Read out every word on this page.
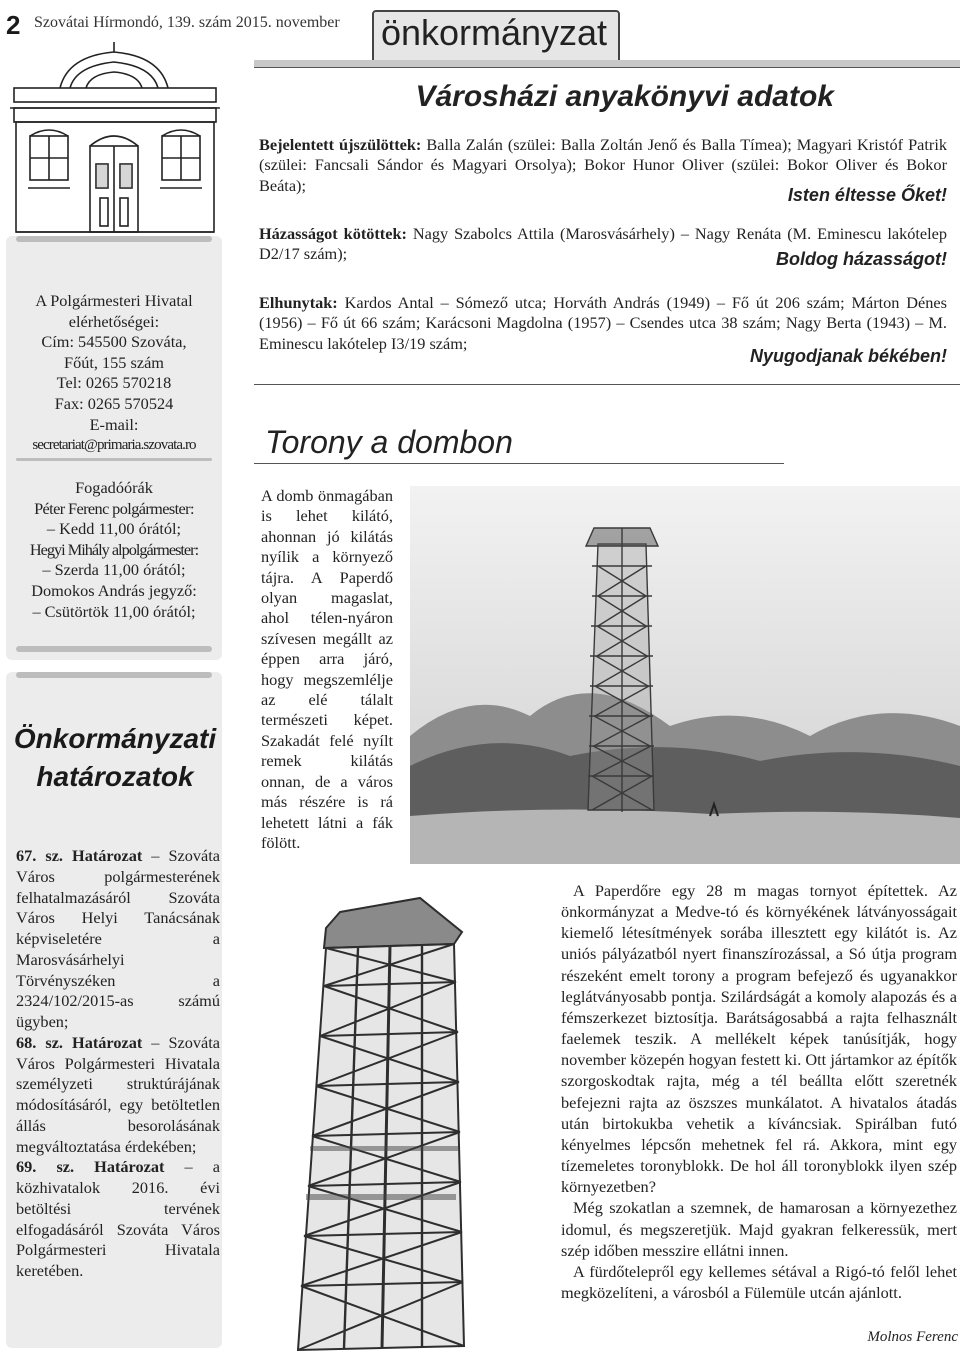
2 Szovátai Hírmondó, 139. szám 2015. november önkormányzat
A Polgármesteri Hivatal
elérhetőségei:
Cím: 545500 Szováta,
Főút, 155 szám
Tel: 0265 570218
Fax: 0265 570524
E-mail:
secretariat@primaria.szovata.ro
Fogadóórák
Péter Ferenc polgármester:
– Kedd 11,00 órától;
Hegyi Mihály alpolgármester:
– Szerda 11,00 órától;
Domokos András jegyző:
– Csütörtök 11,00 órától;
Önkormányzati határozatok

67. sz. Határozat – Szováta Város polgármesterének felhatalmazásáról Szováta Város Helyi Tanácsának képviseletére a Marosvásárhelyi Törvényszéken a 2324/102/2015-as számú ügyben;

68. sz. Határozat – Szováta Város Polgármesteri Hivatala személyzeti struktúrájának módosításáról, egy betöltetlen állás besorolásának megváltoztatása érdekében;

69. sz. Határozat – a közhivatalok 2016. évi betöltési tervének elfogadásáról Szováta Város Polgármesteri Hivatala keretében.

Városházi anyakönyvi adatok
Bejelentett újszülöttek: Balla Zalán (szülei: Balla Zoltán Jenő és Balla Tímea); Magyari Kristóf Patrik (szülei: Fancsali Sándor és Magyari Orsolya); Bokor Hunor Oliver (szülei: Bokor Oliver és Bokor Beáta);	Isten éltesse Őket!
Házasságot kötöttek: Nagy Szabolcs Attila (Marosvásárhely) – Nagy Renáta (M. Eminescu lakótelep D2/17 szám);	Boldog házasságot!
Elhunytak: Kardos Antal – Sómező utca; Horváth András (1949) – Fő út 206 szám; Márton Dénes (1956) – Fő út 66 szám; Karácsoni Magdolna (1957) – Csendes utca 38 szám; Nagy Berta (1943) – M. Eminescu lakótelep I3/19 szám;
Nyugodjanak békében!
Torony a dombon
A domb önmagában is lehet kilátó, ahonnan jó kilátás nyílik a környező tájra. A Paperdő olyan magaslat, ahol télen-nyáron szívesen megállt az éppen arra járó, hogy megszemlélje az elé tálalt természeti képet. Szakadát felé nyílt remek kilátás onnan, de a város más részére is rá lehetett látni a fák fölött.

A Paperdőre egy 28 m magas tornyot építettek. Az önkormányzat a Medve-tó és környékének látványosságait kiemelő létesítmények sorába illesztett egy kilátót is. Az uniós pályázatból nyert finanszírozással, a Só útja program részeként emelt torony a program befejező és ugyanakkor leglátványosabb pontja. Szilárdságát a komoly alapozás és a fémszerkezet biztosítja. Barátságosabbá a rajta felhasznált faelemek teszik. A mellékelt képek tanúsítják, hogy november közepén hogyan festett ki. Ott jártamkor az építők szorgoskodtak rajta, még a tél beállta előtt szeretnék befejezni rajta az öszszes munkálatot. A hivatalos átadás után birtokukba vehetik a kíváncsiak. Spirálban futó kényelmes lépcsőn mehetnek fel rá. Akkora, mint egy tízemeletes toronyblokk. De hol áll toronyblokk ilyen szép környezetben?

Még szokatlan a szemnek, de hamarosan a környezethez idomul, és megszeretjük. Majd gyakran felkeressük, mert szép időben messzire ellátni innen.

A fürdőtelepről egy kellemes sétával a Rigó-tó felől lehet megközelíteni, a városból a Fülemüle utcán ajánlott.

Molnos Ferenc
